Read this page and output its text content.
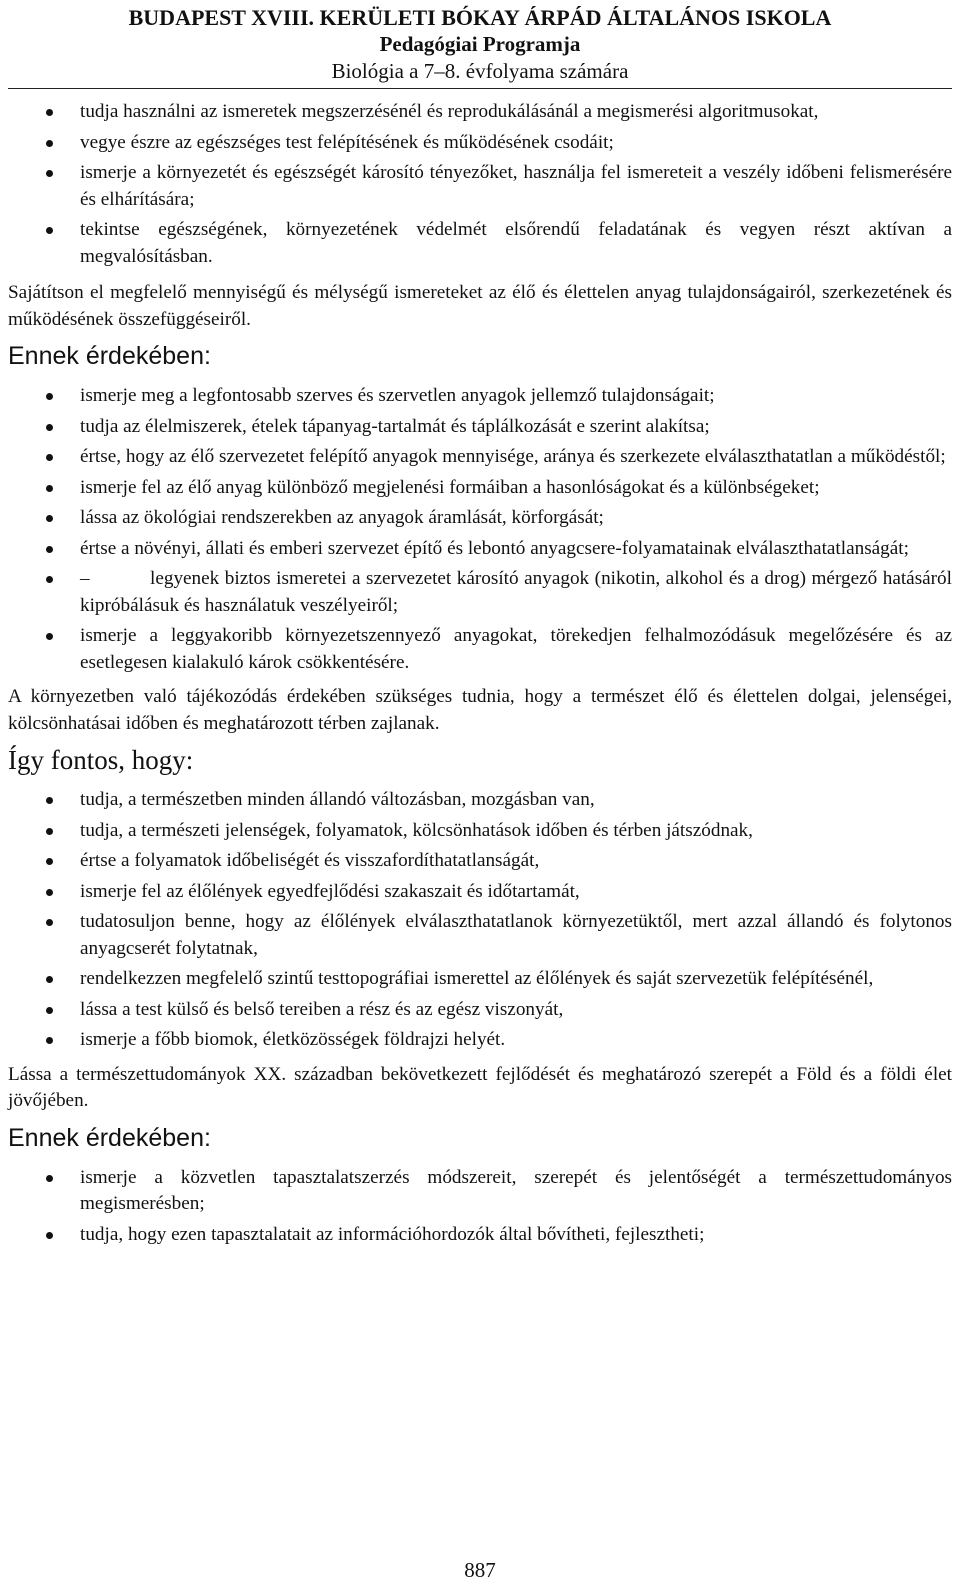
BUDAPEST XVIII. KERÜLETI BÓKAY ÁRPÁD ÁLTALÁNOS ISKOLA
Pedagógiai Programja
Biológia a 7–8. évfolyama számára
tudja használni az ismeretek megszerzésénél és reprodukálásánál a megismerési algoritmusokat,
vegye észre az egészséges test felépítésének és működésének csodáit;
ismerje a környezetét és egészségét károsító tényezőket, használja fel ismereteit a veszély időbeni felismerésére és elhárítására;
tekintse egészségének, környezetének védelmét elsőrendű feladatának és vegyen részt aktívan a megvalósításban.

Sajátítson el megfelelő mennyiségű és mélységű ismereteket az élő és élettelen anyag tulajdonságairól, szerkezetének és működésének összefüggéseiről.

Ennek érdekében:
ismerje meg a legfontosabb szerves és szervetlen anyagok jellemző tulajdonságait;
tudja az élelmiszerek, ételek tápanyag-tartalmát és táplálkozását e szerint alakítsa;
értse, hogy az élő szervezetet felépítő anyagok mennyisége, aránya és szerkezete elválaszthatatlan a működéstől;
ismerje fel az élő anyag különböző megjelenési formáiban a hasonlóságokat és a különbségeket;
lássa az ökológiai rendszerekben az anyagok áramlását, körforgását;
értse a növényi, állati és emberi szervezet építő és lebontó anyagcsere-folyamatainak elválaszthatatlanságát;
–	legyenek biztos ismeretei a szervezetet károsító anyagok (nikotin, alkohol és a drog) mérgező hatásáról kipróbálásuk és használatuk veszélyeiről;
ismerje a leggyakoribb környezetszennyező anyagokat, törekedjen felhalmozódásuk megelőzésére és az esetlegesen kialakuló károk csökkentésére.

A környezetben való tájékozódás érdekében szükséges tudnia, hogy a természet élő és élettelen dolgai, jelenségei, kölcsönhatásai időben és meghatározott térben zajlanak.

Így fontos, hogy:
tudja, a természetben minden állandó változásban, mozgásban van,
tudja, a természeti jelenségek, folyamatok, kölcsönhatások időben és térben játszódnak,
értse a folyamatok időbeliségét és visszafordíthatatlanságát,
ismerje fel az élőlények egyedfejlődési szakaszait és időtartamát,
tudatosuljon benne, hogy az élőlények elválaszthatatlanok környezetüktől, mert azzal állandó és folytonos anyagcserét folytatnak,
rendelkezzen megfelelő szintű testtopográfiai ismerettel az élőlények és saját szervezetük felépítésénél,
lássa a test külső és belső tereiben a rész és az egész viszonyát,
ismerje a főbb biomok, életközösségek földrajzi helyét.

Lássa a természettudományok XX. században bekövetkezett fejlődését és meghatározó szerepét a Föld és a földi élet jövőjében.

Ennek érdekében:
ismerje a közvetlen tapasztalatszerzés módszereit, szerepét és jelentőségét a természettudományos megismerésben;
tudja, hogy ezen tapasztalatait az információhordozók által bővítheti, fejlesztheti;
887
